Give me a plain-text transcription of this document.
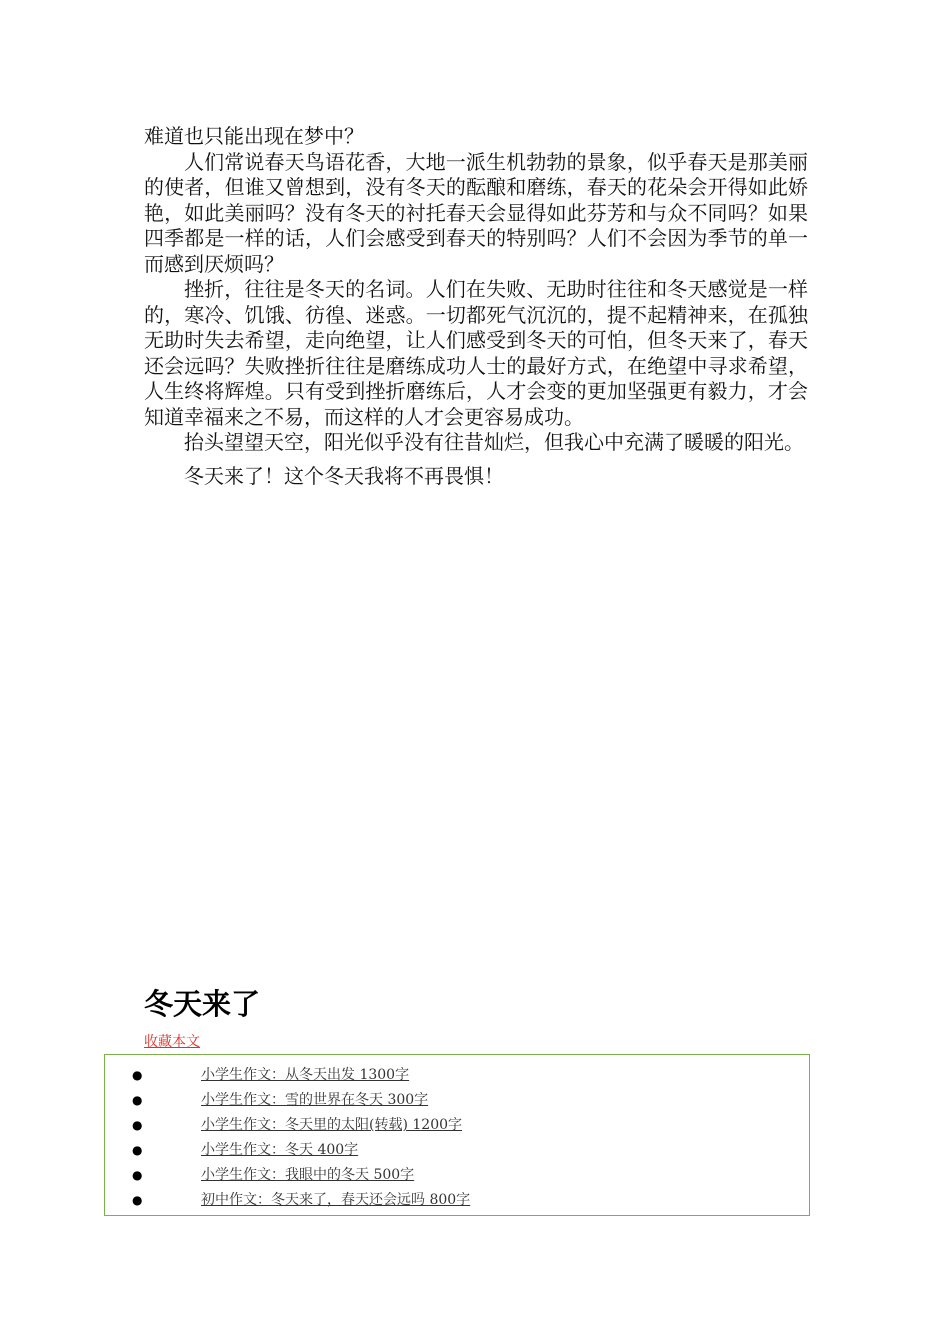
难道也只能出现在梦中？

人们常说春天鸟语花香，大地一派生机勃勃的景象，似乎春天是那美丽的使者，但谁又曾想到，没有冬天的酝酿和磨练，春天的花朵会开得如此娇艳，如此美丽吗？没有冬天的衬托春天会显得如此芬芳和与众不同吗？如果四季都是一样的话，人们会感受到春天的特别吗？人们不会因为季节的单一而感到厌烦吗？

挫折，往往是冬天的名词。人们在失败、无助时往往和冬天感觉是一样的，寒冷、饥饿、彷徨、迷惑。一切都死气沉沉的，提不起精神来，在孤独无助时失去希望，走向绝望，让人们感受到冬天的可怕，但冬天来了，春天还会远吗？失败挫折往往是磨练成功人士的最好方式，在绝望中寻求希望，人生终将辉煌。只有受到挫折磨练后，人才会变的更加坚强更有毅力，才会知道幸福来之不易，而这样的人才会更容易成功。

抬头望望天空，阳光似乎没有往昔灿烂，但我心中充满了暖暖的阳光。

冬天来了！这个冬天我将不再畏惧！

冬天来了
收藏本文
●	小学生作文：从冬天出发 1300字
●	小学生作文：雪的世界在冬天 300字
●	小学生作文：冬天里的太阳(转载) 1200字
●	小学生作文：冬天 400字
●	小学生作文：我眼中的冬天 500字
●	初中作文：冬天来了，春天还会远吗 800字
